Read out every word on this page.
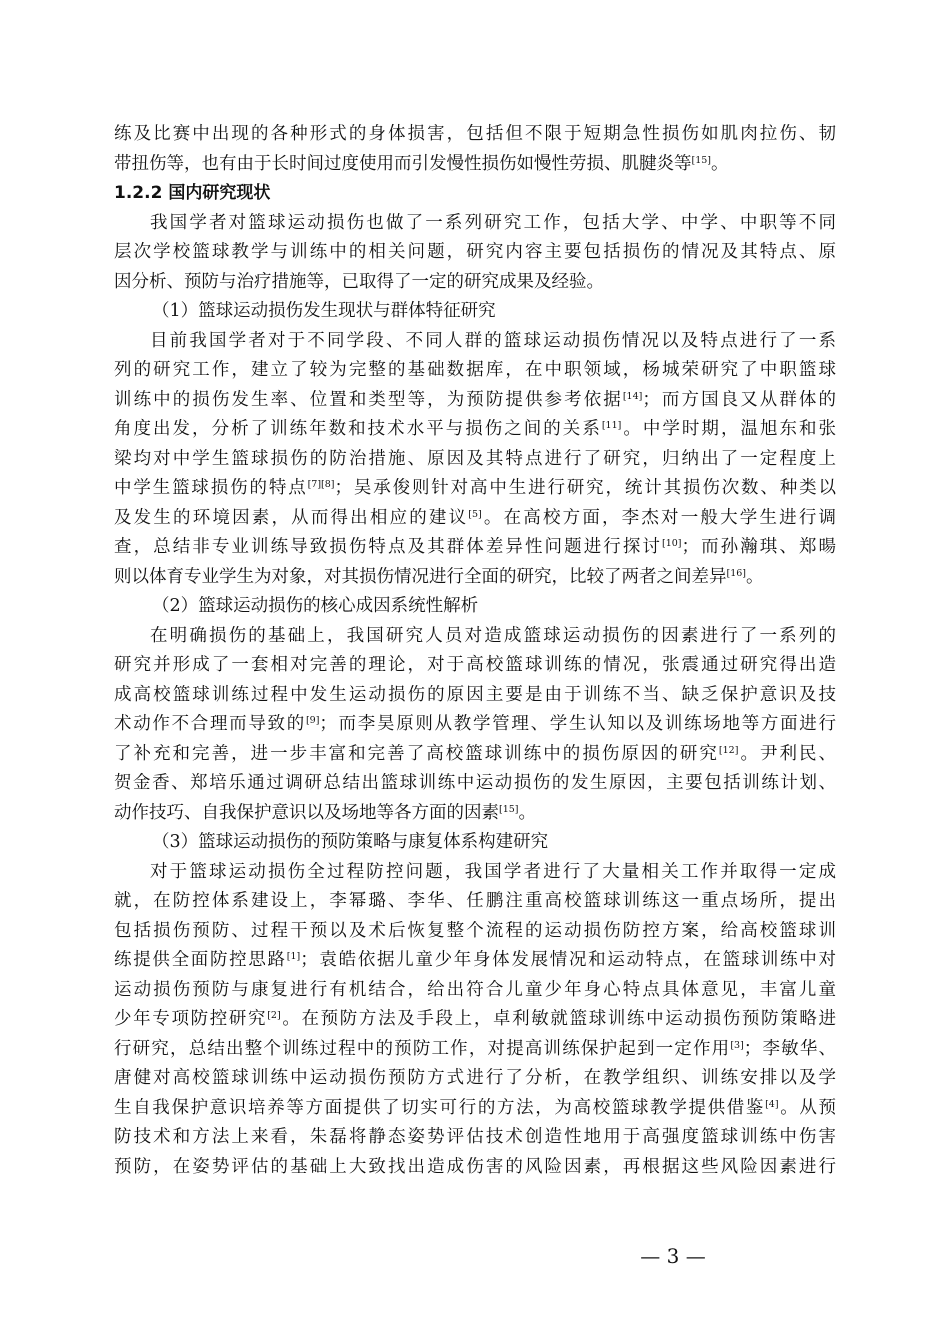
练及比赛中出现的各种形式的身体损害，包括但不限于短期急性损伤如肌肉拉伤、韧
带扭伤等，也有由于长时间过度使用而引发慢性损伤如慢性劳损、肌腱炎等[15]。
1.2.2 国内研究现状
我国学者对篮球运动损伤也做了一系列研究工作，包括大学、中学、中职等不同
层次学校篮球教学与训练中的相关问题，研究内容主要包括损伤的情况及其特点、原
因分析、预防与治疗措施等，已取得了一定的研究成果及经验。
（1）篮球运动损伤发生现状与群体特征研究
目前我国学者对于不同学段、不同人群的篮球运动损伤情况以及特点进行了一系
列的研究工作，建立了较为完整的基础数据库，在中职领域，杨城荣研究了中职篮球
训练中的损伤发生率、位置和类型等，为预防提供参考依据[14]；而方国良又从群体的
角度出发，分析了训练年数和技术水平与损伤之间的关系[11]。中学时期，温旭东和张
梁均对中学生篮球损伤的防治措施、原因及其特点进行了研究，归纳出了一定程度上
中学生篮球损伤的特点[7][8]；吴承俊则针对高中生进行研究，统计其损伤次数、种类以
及发生的环境因素，从而得出相应的建议[5]。在高校方面，李杰对一般大学生进行调
查，总结非专业训练导致损伤特点及其群体差异性问题进行探讨[10]；而孙瀚琪、郑暘
则以体育专业学生为对象，对其损伤情况进行全面的研究，比较了两者之间差异[16]。
（2）篮球运动损伤的核心成因系统性解析
在明确损伤的基础上，我国研究人员对造成篮球运动损伤的因素进行了一系列的
研究并形成了一套相对完善的理论，对于高校篮球训练的情况，张震通过研究得出造
成高校篮球训练过程中发生运动损伤的原因主要是由于训练不当、缺乏保护意识及技
术动作不合理而导致的[9]；而李昊原则从教学管理、学生认知以及训练场地等方面进行
了补充和完善，进一步丰富和完善了高校篮球训练中的损伤原因的研究[12]。尹利民、
贺金香、郑培乐通过调研总结出篮球训练中运动损伤的发生原因，主要包括训练计划、
动作技巧、自我保护意识以及场地等各方面的因素[15]。
（3）篮球运动损伤的预防策略与康复体系构建研究
对于篮球运动损伤全过程防控问题，我国学者进行了大量相关工作并取得一定成
就，在防控体系建设上，李幂璐、李华、任鹏注重高校篮球训练这一重点场所，提出
包括损伤预防、过程干预以及术后恢复整个流程的运动损伤防控方案，给高校篮球训
练提供全面防控思路[1]；袁皓依据儿童少年身体发展情况和运动特点，在篮球训练中对
运动损伤预防与康复进行有机结合，给出符合儿童少年身心特点具体意见，丰富儿童
少年专项防控研究[2]。在预防方法及手段上，卓利敏就篮球训练中运动损伤预防策略进
行研究，总结出整个训练过程中的预防工作，对提高训练保护起到一定作用[3]；李敏华、
唐健对高校篮球训练中运动损伤预防方式进行了分析，在教学组织、训练安排以及学
生自我保护意识培养等方面提供了切实可行的方法，为高校篮球教学提供借鉴[4]。从预
防技术和方法上来看，朱磊将静态姿势评估技术创造性地用于高强度篮球训练中伤害
预防，在姿势评估的基础上大致找出造成伤害的风险因素，再根据这些风险因素进行
— 3 —
